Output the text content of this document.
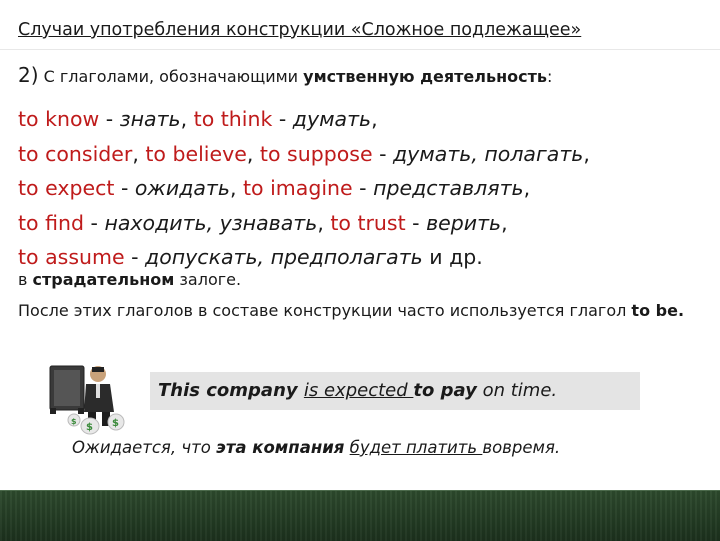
Случаи употребления конструкции «Сложное подлежащее»
2) С глаголами, обозначающими умственную деятельность:
to know - знать, to think - думать,
to consider, to believe, to suppose - думать, полагать,
to expect - ожидать, to imagine - представлять,
to find - находить, узнавать, to trust - верить,
to assume - допускать, предполагать и др.
в страдательном залоге.
После этих глаголов в составе конструкции часто используется глагол to be.
$ $
$
This company is expected to pay on time.
Ожидается, что эта компания будет платить вовремя.
